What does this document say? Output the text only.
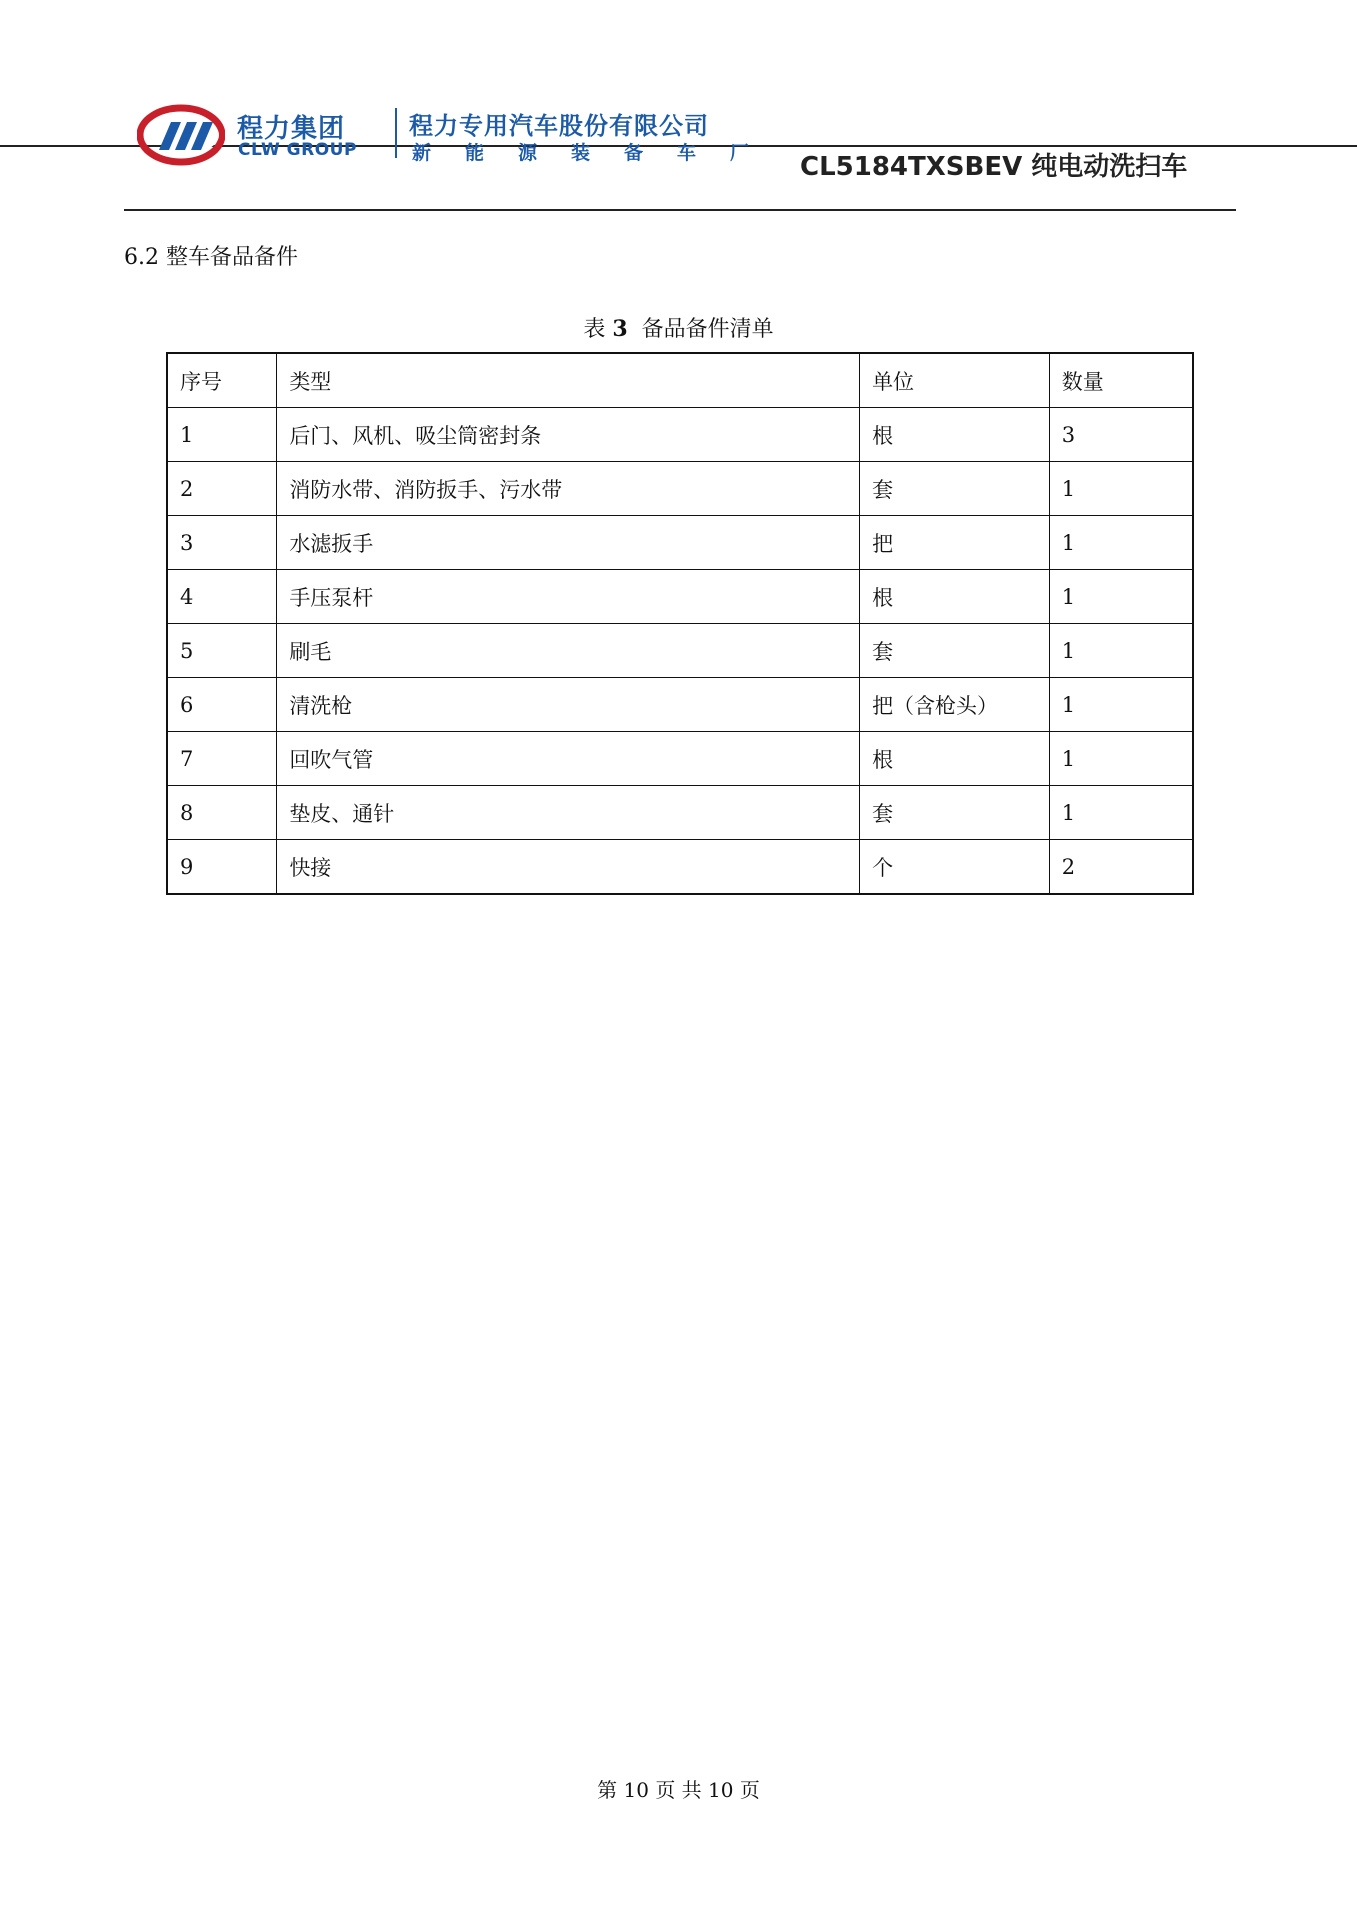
程力集团
CLW GROUP
程力专用汽车股份有限公司
新能源装备车厂 CL5184TXSBEV 纯电动洗扫车
6.2 整车备品备件
表 3 备品备件清单
序号	类型	单位	数量
1	后门、风机、吸尘筒密封条	根	3
2	消防水带、消防扳手、污水带	套	1
3	水滤扳手	把	1
4	手压泵杆	根	1
5	刷毛	套	1
6	清洗枪	把（含枪头）	1
7	回吹气管	根	1
8	垫皮、通针	套	1
9	快接	个	2
第 10 页 共 10 页
